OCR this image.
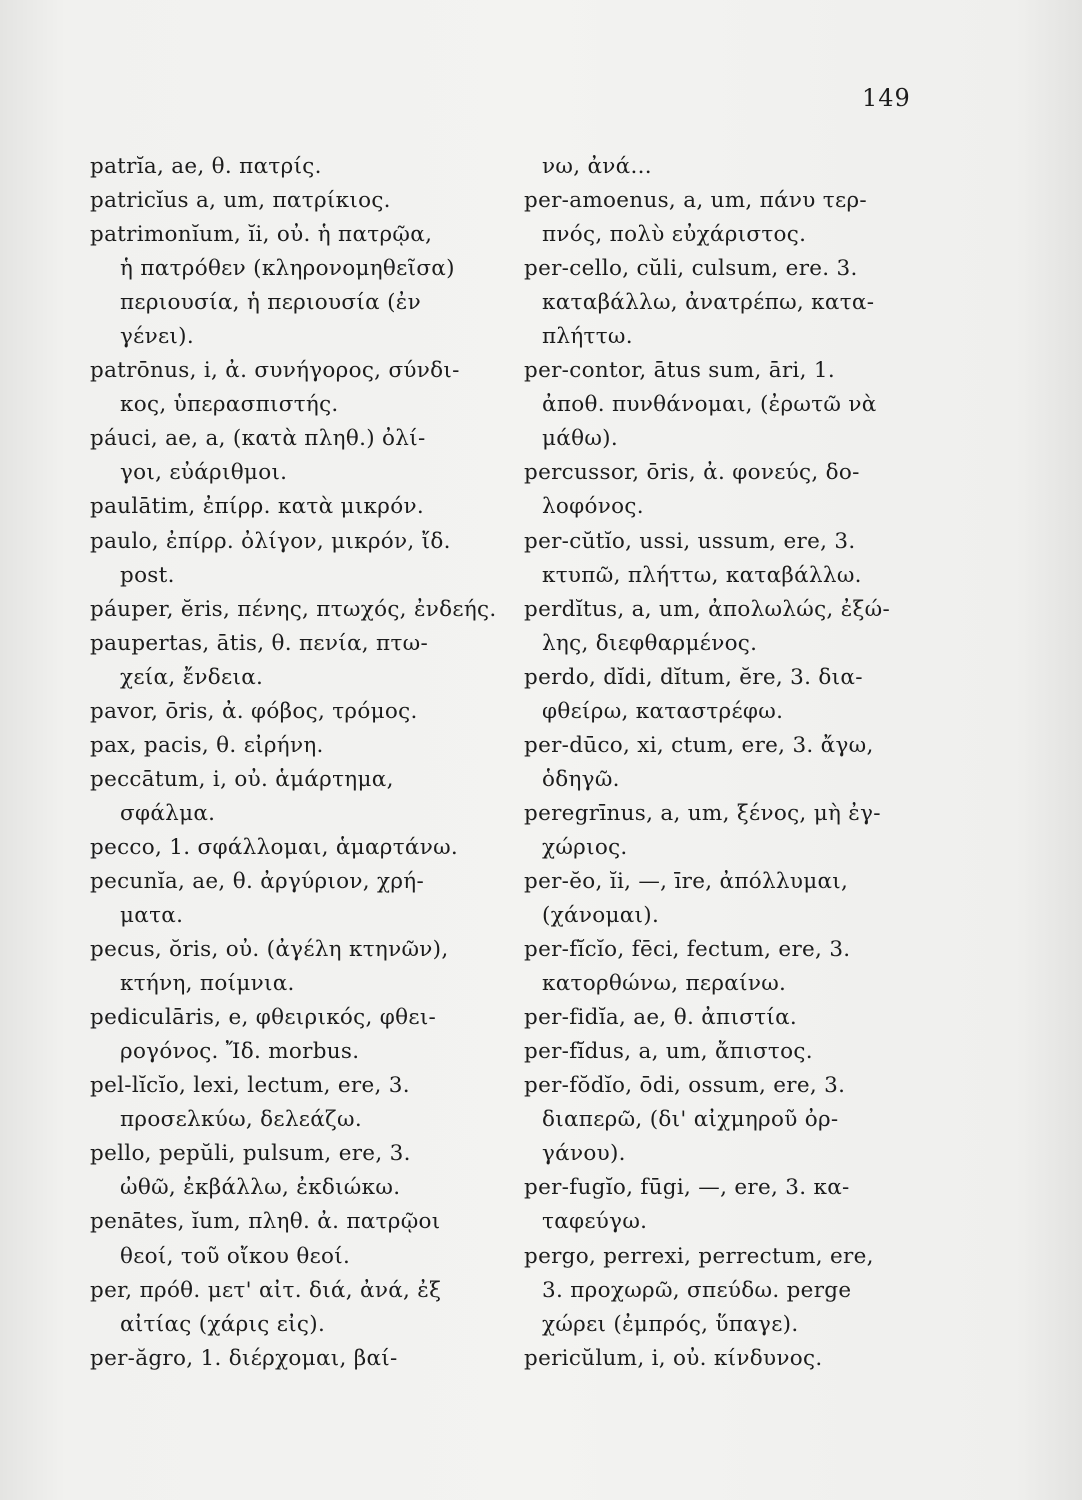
149
patrĭa, ae, θ. πατρίς.
patricĭus a, um, πατρίκιος.
patrimonĭum, ĭi, οὐ. ἡ πατρῷα,
ἡ πατρόθεν (κληρονομηθεῖσα)
περιουσία, ἡ περιουσία (ἐν
γένει).
patrōnus, i, ἀ. συνήγορος, σύνδι-
κος, ὑπερασπιστής.
páuci, ae, a, (κατὰ πληθ.) ὀλί-
γοι, εὐάριθμοι.
paulātim, ἐπίρρ. κατὰ μικρόν.
paulo, ἐπίρρ. ὀλίγον, μικρόν, ἴδ.
post.
páuper, ĕris, πένης, πτωχός, ἐνδεής.
paupertas, ātis, θ. πενία, πτω-
χεία, ἔνδεια.
pavor, ōris, ἀ. φόβος, τρόμος.
pax, pacis, θ. εἰρήνη.
peccātum, i, οὐ. ἁμάρτημα,
σφάλμα.
pecco, 1. σφάλλομαι, ἁμαρτάνω.
pecunĭa, ae, θ. ἀργύριον, χρή-
ματα.
pecus, ŏris, οὐ. (ἀγέλη κτηνῶν),
κτήνη, ποίμνια.
pediculāris, e, φθειρικός, φθει-
ρογόνος. Ἴδ. morbus.
pel-lĭcĭo, lexi, lectum, ere, 3.
προσελκύω, δελεάζω.
pello, pepŭli, pulsum, ere, 3.
ὠθῶ, ἐκβάλλω, ἐκδιώκω.
penātes, ĭum, πληθ. ἀ. πατρῷοι
θεοί, τοῦ οἴκου θεοί.
per, πρόθ. μετ' αἰτ. διά, ἀνά, ἐξ
αἰτίας (χάρις εἰς).
per-ăgro, 1. διέρχομαι, βαί-
νω, ἀνά...
per-amoenus, a, um, πάνυ τερ-
πνός, πολὺ εὐχάριστος.
per-cello, cŭli, culsum, ere. 3.
καταβάλλω, ἀνατρέπω, κατα-
πλήττω.
per-contor, ātus sum, āri, 1.
ἀποθ. πυνθάνομαι, (ἐρωτῶ νὰ
μάθω).
percussor, ōris, ἀ. φονεύς, δο-
λοφόνος.
per-cŭtĭo, ussi, ussum, ere, 3.
κτυπῶ, πλήττω, καταβάλλω.
perdĭtus, a, um, ἀπολωλώς, ἐξώ-
λης, διεφθαρμένος.
perdo, dĭdi, dĭtum, ĕre, 3. δια-
φθείρω, καταστρέφω.
per-dūco, xi, ctum, ere, 3. ἄγω,
ὁδηγῶ.
peregrīnus, a, um, ξένος, μὴ ἐγ-
χώριος.
per-ĕo, ĭi, —, īre, ἀπόλλυμαι,
(χάνομαι).
per-fĭcĭo, fēci, fectum, ere, 3.
κατορθώνω, περαίνω.
per-fidĭa, ae, θ. ἀπιστία.
per-fĭdus, a, um, ἄπιστος.
per-fŏdĭo, ōdi, ossum, ere, 3.
διαπερῶ, (δι' αἰχμηροῦ ὀρ-
γάνου).
per-fugĭo, fūgi, —, ere, 3. κα-
ταφεύγω.
pergo, perrexi, perrectum, ere,
3. προχωρῶ, σπεύδω. perge
χώρει (ἐμπρός, ὕπαγε).
pericŭlum, i, οὐ. κίνδυνος.
